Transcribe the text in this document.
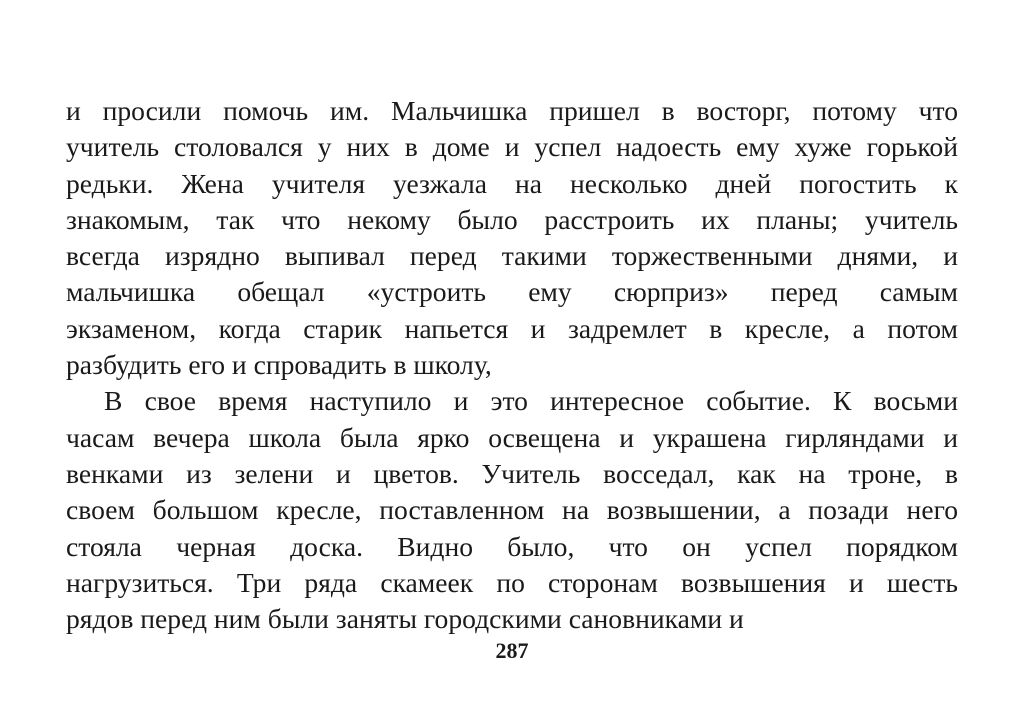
и просили помочь им. Мальчишка пришел в восторг, потому что
учитель столовался у них в доме и успел надоесть ему хуже горькой
редьки. Жена учителя уезжала на несколько дней погостить к
знакомым, так что некому было расстроить их планы; учитель
всегда изрядно выпивал перед такими торжественными днями, и
мальчишка обещал «устроить ему сюрприз» перед самым
экзаменом, когда старик напьется и задремлет в кресле, а потом
разбудить его и спровадить в школу,
В свое время наступило и это интересное событие. К восьми
часам вечера школа была ярко освещена и украшена гирляндами и
венками из зелени и цветов. Учитель восседал, как на троне, в
своем большом кресле, поставленном на возвышении, а позади него
стояла черная доска. Видно было, что он успел порядком
нагрузиться. Три ряда скамеек по сторонам возвышения и шесть
рядов перед ним были заняты городскими сановниками и
287
